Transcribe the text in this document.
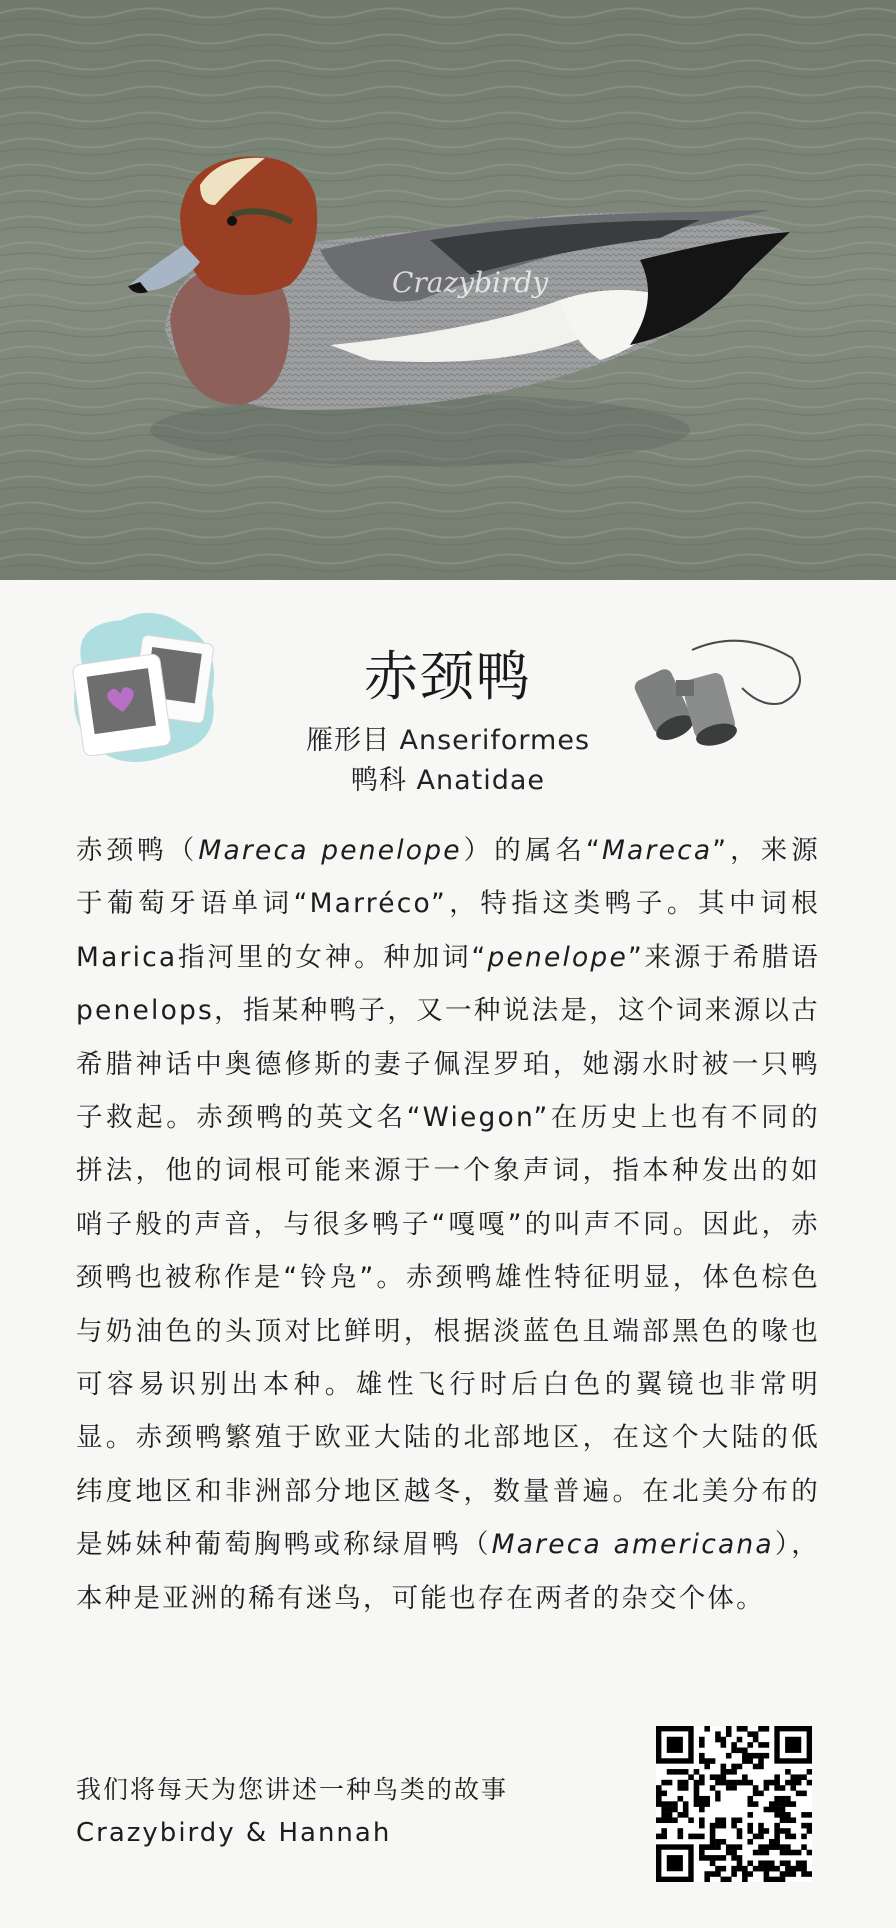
Crazybirdy
赤颈鸭
雁形目 Anseriformes
鸭科 Anatidae
赤颈鸭（Mareca penelope）的属名“Mareca”，来源于葡萄牙语单词“Marréco”，特指这类鸭子。其中词根Marica指河里的女神。种加词“penelope”来源于希腊语penelops，指某种鸭子，又一种说法是，这个词来源以古希腊神话中奥德修斯的妻子佩涅罗珀，她溺水时被一只鸭子救起。赤颈鸭的英文名“Wiegon”在历史上也有不同的拼法，他的词根可能来源于一个象声词，指本种发出的如哨子般的声音，与很多鸭子“嘎嘎”的叫声不同。因此，赤颈鸭也被称作是“铃凫”。赤颈鸭雄性特征明显，体色棕色与奶油色的头顶对比鲜明，根据淡蓝色且端部黑色的喙也可容易识别出本种。雄性飞行时后白色的翼镜也非常明显。赤颈鸭繁殖于欧亚大陆的北部地区，在这个大陆的低纬度地区和非洲部分地区越冬，数量普遍。在北美分布的是姊妹种葡萄胸鸭或称绿眉鸭（Mareca americana），本种是亚洲的稀有迷鸟，可能也存在两者的杂交个体。
我们将每天为您讲述一种鸟类的故事
Crazybirdy & Hannah
